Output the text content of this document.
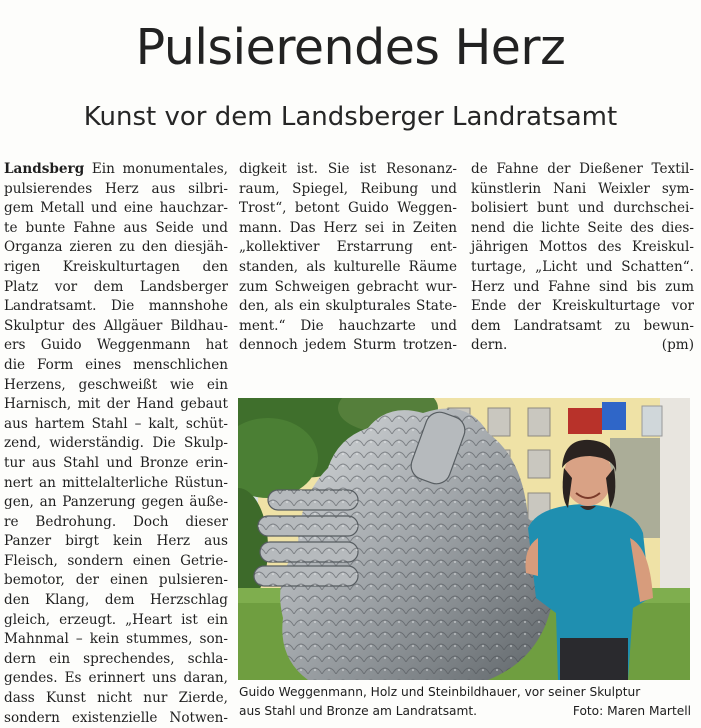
Pulsierendes Herz
Kunst vor dem Landsberger Landratsamt
Landsberg Ein monumentales,
pulsierendes Herz aus silbri-
gem Metall und eine hauchzar-
te bunte Fahne aus Seide und
Organza zieren zu den diesjäh-
rigen Kreiskulturtagen den
Platz vor dem Landsberger
Landratsamt. Die mannshohe
Skulptur des Allgäuer Bildhau-
ers Guido Weggenmann hat
die Form eines menschlichen
Herzens, geschweißt wie ein
Harnisch, mit der Hand gebaut
aus hartem Stahl – kalt, schüt-
zend, widerständig. Die Skulp-
tur aus Stahl und Bronze erin-
nert an mittelalterliche Rüstun-
gen, an Panzerung gegen äuße-
re Bedrohung. Doch dieser
Panzer birgt kein Herz aus
Fleisch, sondern einen Getrie-
bemotor, der einen pulsieren-
den Klang, dem Herzschlag
gleich, erzeugt. „Heart ist ein
Mahnmal – kein stummes, son-
dern ein sprechendes, schla-
gendes. Es erinnert uns daran,
dass Kunst nicht nur Zierde,
sondern existenzielle Notwen-
digkeit ist. Sie ist Resonanz-
raum, Spiegel, Reibung und
Trost“, betont Guido Weggen-
mann. Das Herz sei in Zeiten
„kollektiver Erstarrung ent-
standen, als kulturelle Räume
zum Schweigen gebracht wur-
den, als ein skulpturales State-
ment.“ Die hauchzarte und
dennoch jedem Sturm trotzen-
de Fahne der Dießener Textil-
künstlerin Nani Weixler sym-
bolisiert bunt und durchschei-
nend die lichte Seite des dies-
jährigen Mottos des Kreiskul-
turtage, „Licht und Schatten“.
Herz und Fahne sind bis zum
Ende der Kreiskulturtage vor
dem Landratsamt zu bewun-
dern.	(pm)
Guido Weggenmann, Holz und Steinbildhauer, vor seiner Skulptur
aus Stahl und Bronze am Landratsamt.	Foto: Maren Martell
